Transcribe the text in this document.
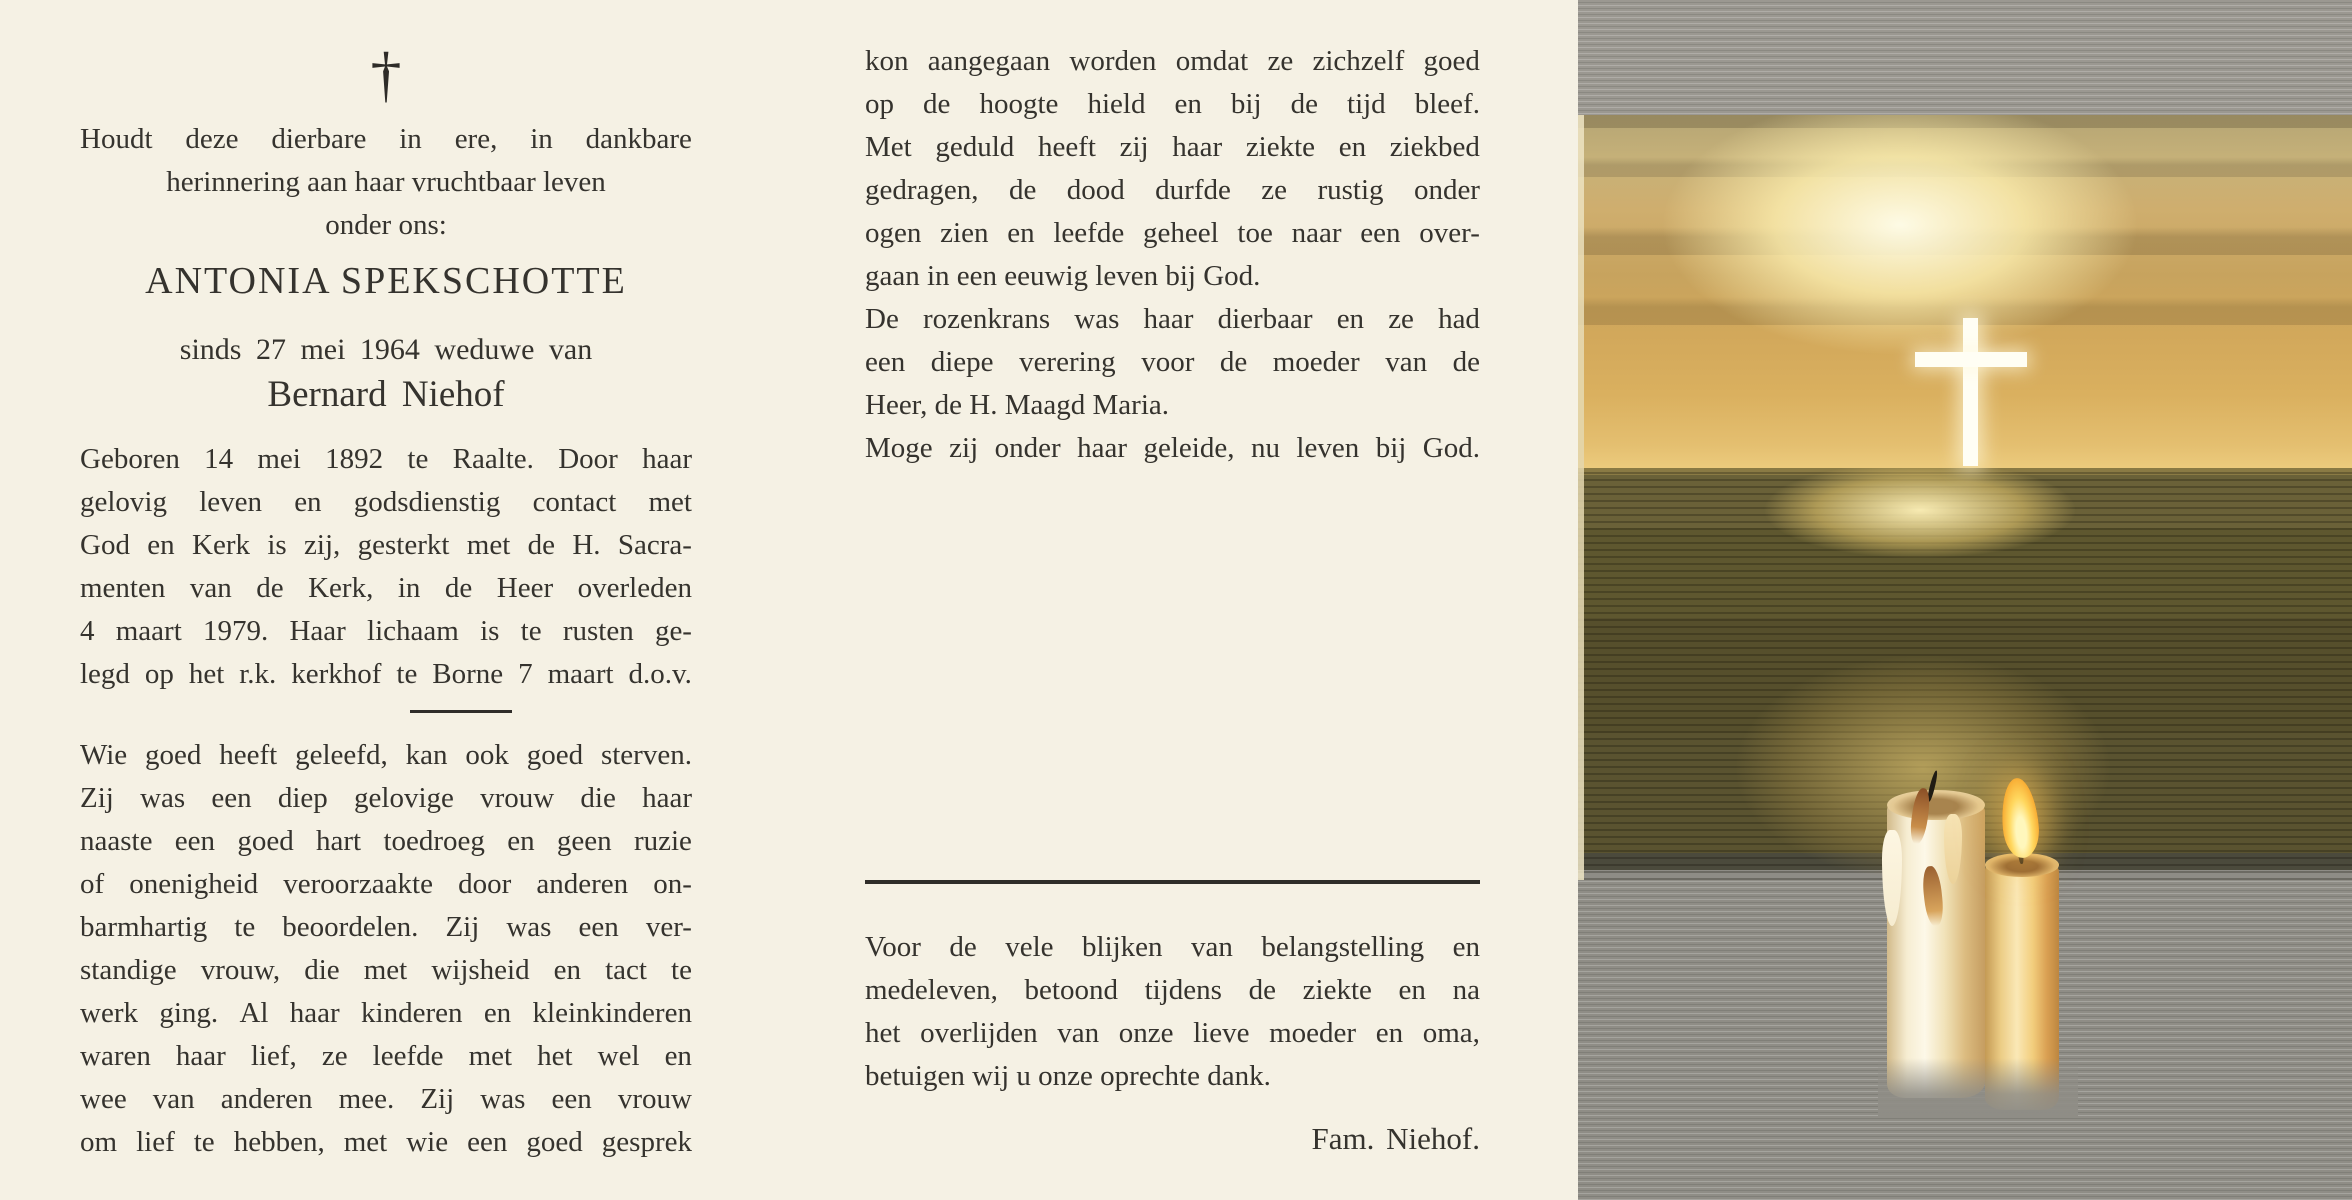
†
Houdt deze dierbare in ere, in dankbare
herinnering aan haar vruchtbaar leven
onder ons:
ANTONIA SPEKSCHOTTE
sinds 27 mei 1964 weduwe van
Bernard Niehof
Geboren 14 mei 1892 te Raalte. Door haar
gelovig leven en godsdienstig contact met
God en Kerk is zij, gesterkt met de H. Sacra-
menten van de Kerk, in de Heer overleden
4 maart 1979. Haar lichaam is te rusten ge-
legd op het r.k. kerkhof te Borne 7 maart d.o.v.
Wie goed heeft geleefd, kan ook goed sterven.
Zij was een diep gelovige vrouw die haar
naaste een goed hart toedroeg en geen ruzie
of onenigheid veroorzaakte door anderen on-
barmhartig te beoordelen. Zij was een ver-
standige vrouw, die met wijsheid en tact te
werk ging. Al haar kinderen en kleinkinderen
waren haar lief, ze leefde met het wel en
wee van anderen mee. Zij was een vrouw
om lief te hebben, met wie een goed gesprek
kon aangegaan worden omdat ze zichzelf goed
op de hoogte hield en bij de tijd bleef.
Met geduld heeft zij haar ziekte en ziekbed
gedragen, de dood durfde ze rustig onder
ogen zien en leefde geheel toe naar een over-
gaan in een eeuwig leven bij God.
De rozenkrans was haar dierbaar en ze had
een diepe verering voor de moeder van de
Heer, de H. Maagd Maria.
Moge zij onder haar geleide, nu leven bij God.
Voor de vele blijken van belangstelling en
medeleven, betoond tijdens de ziekte en na
het overlijden van onze lieve moeder en oma,
betuigen wij u onze oprechte dank.
Fam. Niehof.
